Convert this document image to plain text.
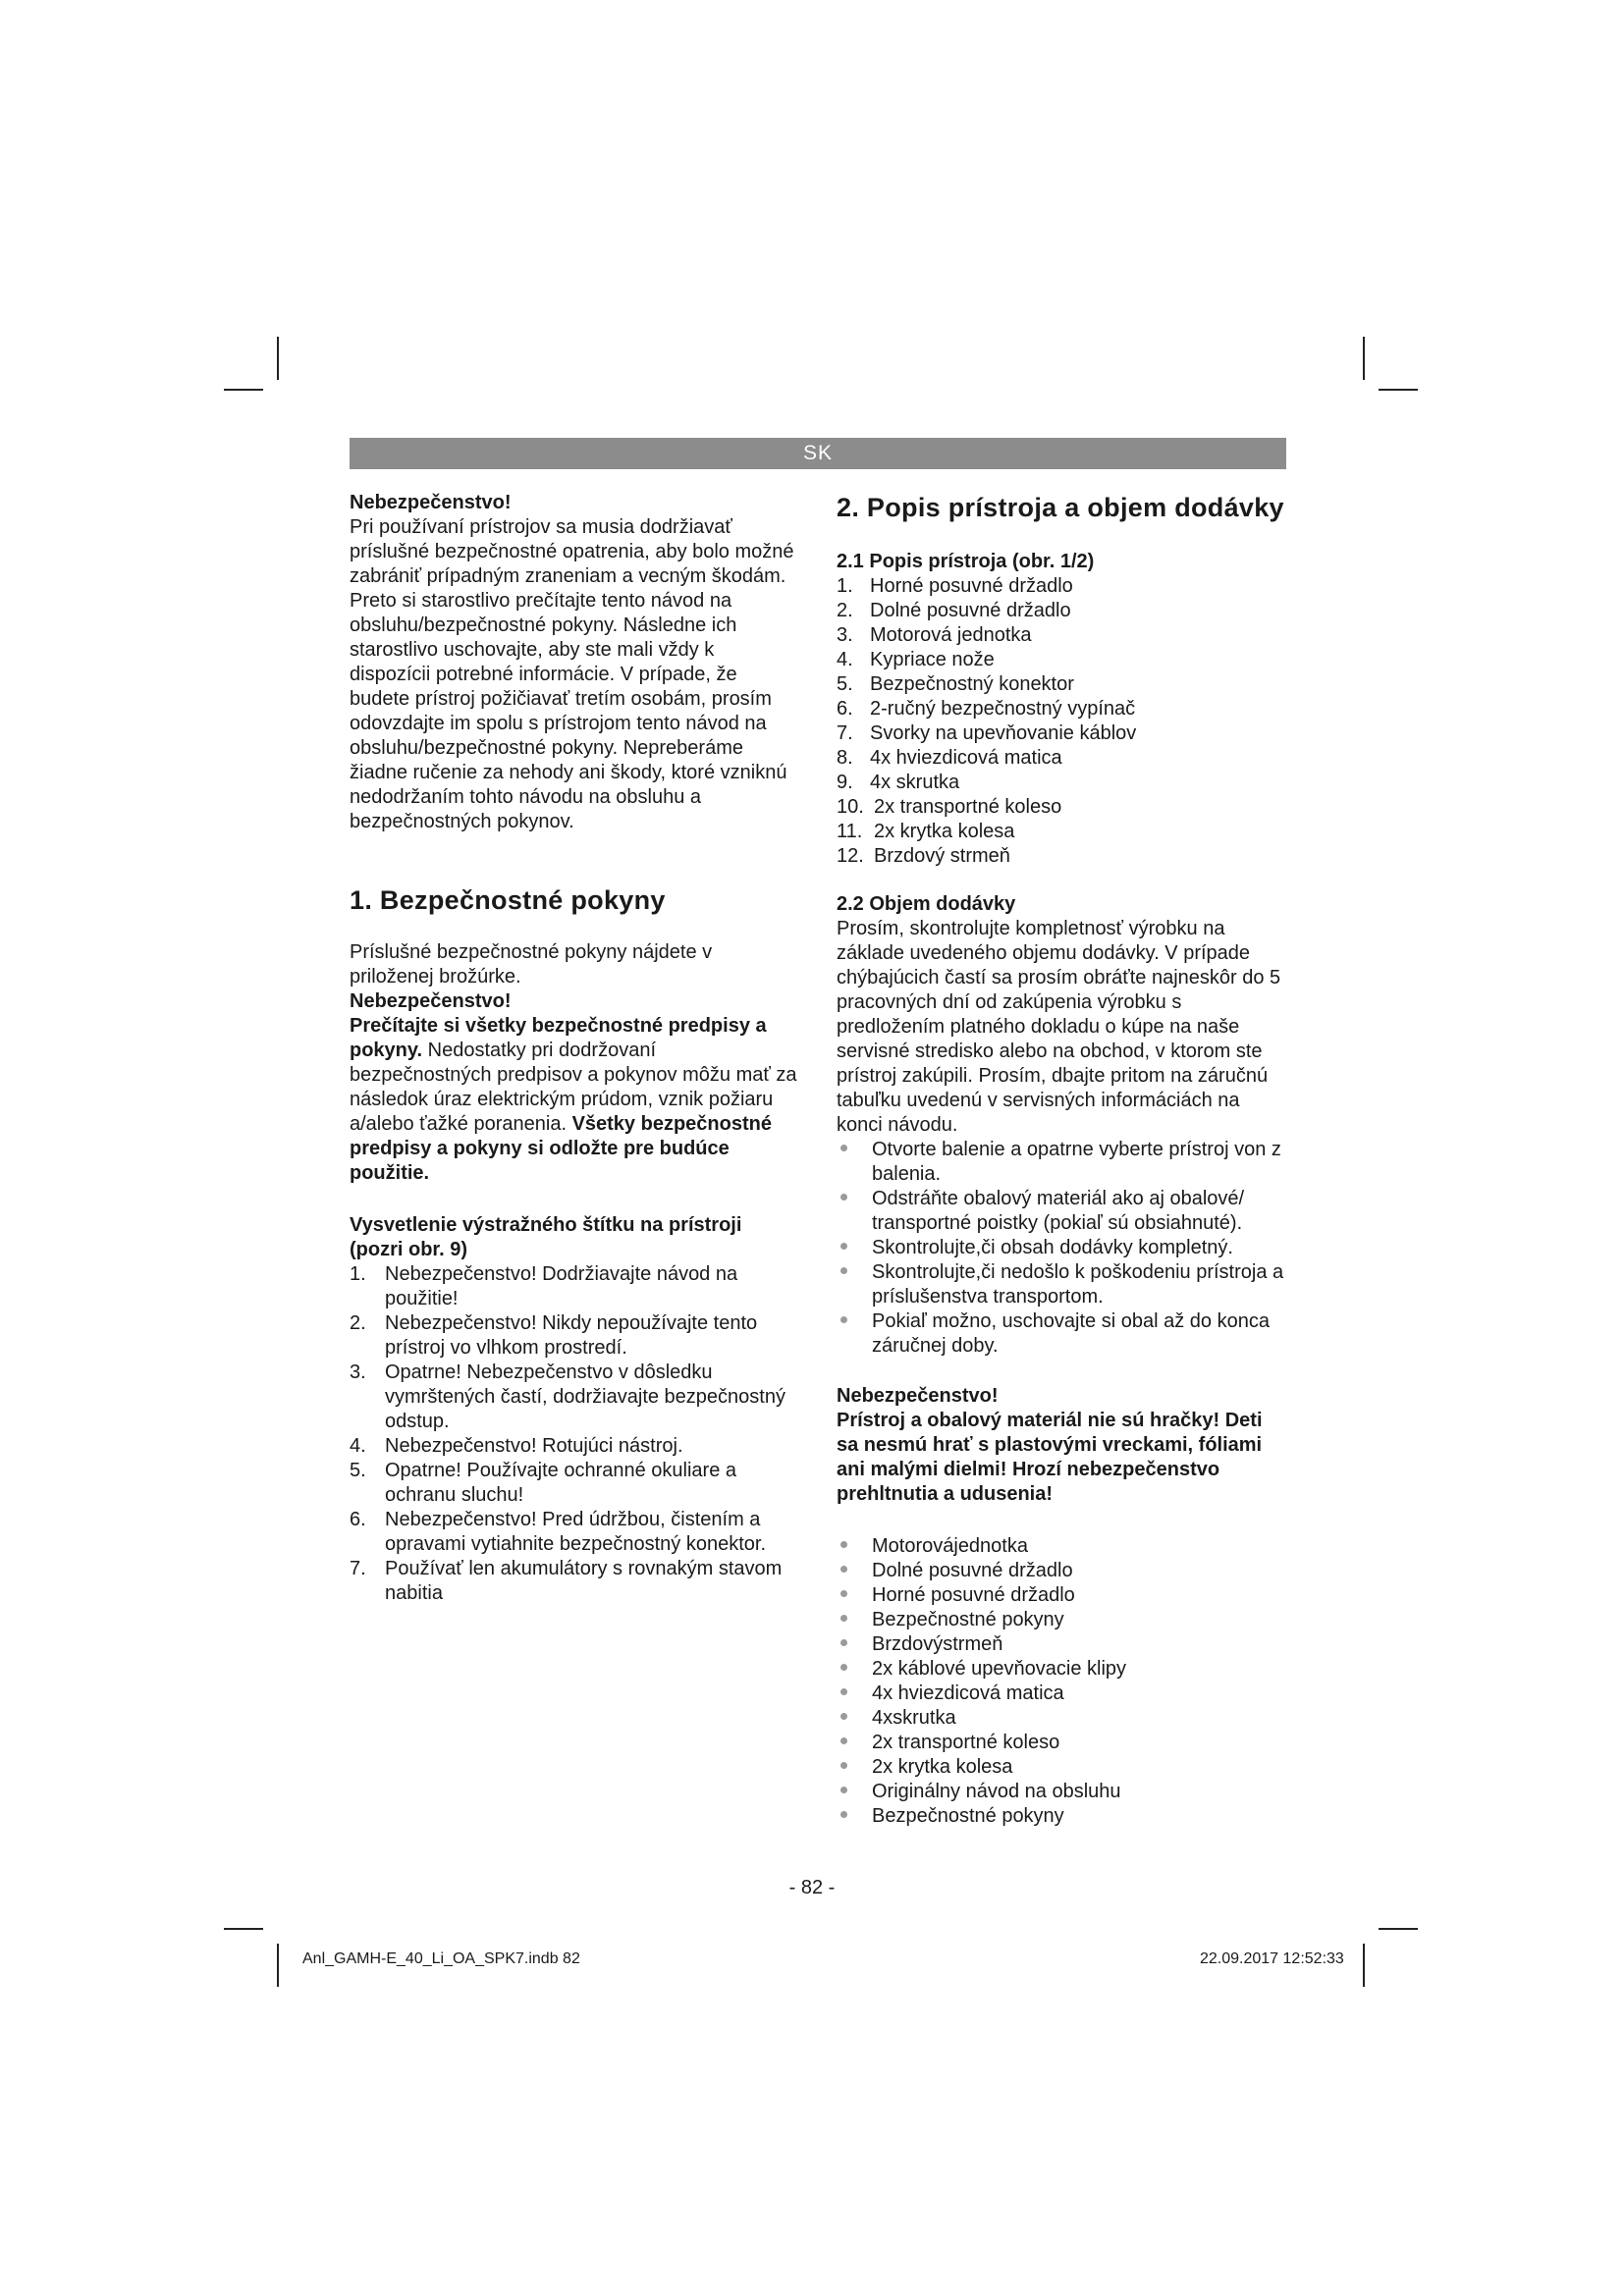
SK

Nebezpečenstvo!

Pri používaní prístrojov sa musia dodržiavať príslušné bezpečnostné opatrenia, aby bolo možné zabrániť prípadným zraneniam a vecným škodám. Preto si starostlivo prečítajte tento návod na obsluhu/bezpečnostné pokyny. Následne ich starostlivo uschovajte, aby ste mali vždy k dispozícii potrebné informácie. V prípade, že budete prístroj požičiavať tretím osobám, prosím odovzdajte im spolu s prístrojom tento návod na obsluhu/bezpečnostné pokyny. Nepreberáme žiadne ručenie za nehody ani škody, ktoré vzniknú nedodržaním tohto návodu na obsluhu a bezpečnostných pokynov.

1. Bezpečnostné pokyny

Príslušné bezpečnostné pokyny nájdete v priloženej brožúrke.

Nebezpečenstvo!

Prečítajte si všetky bezpečnostné predpisy a pokyny. Nedostatky pri dodržovaní bezpečnostných predpisov a pokynov môžu mať za následok úraz elektrickým prúdom, vznik požiaru a/alebo ťažké poranenia. Všetky bezpečnostné predpisy a pokyny si odložte pre budúce použitie.

Vysvetlenie výstražného štítku na prístroji (pozri obr. 9)
1. Nebezpečenstvo! Dodržiavajte návod na použitie!
2. Nebezpečenstvo! Nikdy nepoužívajte tento prístroj vo vlhkom prostredí.
3. Opatrne! Nebezpečenstvo v dôsledku vymrštených častí, dodržiavajte bezpečnostný odstup.
4. Nebezpečenstvo! Rotujúci nástroj.
5. Opatrne! Používajte ochranné okuliare a ochranu sluchu!
6. Nebezpečenstvo! Pred údržbou, čistením a opravami vytiahnite bezpečnostný konektor.
7. Používať len akumulátory s rovnakým stavom nabitia
2. Popis prístroja a objem dodávky
2.1 Popis prístroja (obr. 1/2)
1. Horné posuvné držadlo
2. Dolné posuvné držadlo
3. Motorová jednotka
4. Kypriace nože
5. Bezpečnostný konektor
6. 2-ručný bezpečnostný vypínač
7. Svorky na upevňovanie káblov
8. 4x hviezdicová matica
9. 4x skrutka
10. 2x transportné koleso
11. 2x krytka kolesa
12. Brzdový strmeň
2.2 Objem dodávky

Prosím, skontrolujte kompletnosť výrobku na základe uvedeného objemu dodávky. V prípade chýbajúcich častí sa prosím obráťte najneskôr do 5 pracovných dní od zakúpenia výrobku s predložením platného dokladu o kúpe na naše servisné stredisko alebo na obchod, v ktorom ste prístroj zakúpili. Prosím, dbajte pritom na záručnú tabuľku uvedenú v servisných informáciách na konci návodu.

Otvorte balenie a opatrne vyberte prístroj von z balenia.
Odstráňte obalový materiál ako aj obalové/ transportné poistky (pokiaľ sú obsiahnuté).
Skontrolujte,či obsah dodávky kompletný.
Skontrolujte,či nedošlo k poškodeniu prístroja a príslušenstva transportom.
Pokiaľ možno, uschovajte si obal až do konca záručnej doby.

Nebezpečenstvo!

Prístroj a obalový materiál nie sú hračky! Deti sa nesmú hrať s plastovými vreckami, fóliami ani malými dielmi! Hrozí nebezpečenstvo prehltnutia a udusenia!

Motorovájednotka
Dolné posuvné držadlo
Horné posuvné držadlo
Bezpečnostné pokyny
Brzdovýstrmeň
2x káblové upevňovacie klipy
4x hviezdicová matica
4xskrutka
2x transportné koleso
2x krytka kolesa
Originálny návod na obsluhu
Bezpečnostné pokyny
- 82 -
Anl_GAMH-E_40_Li_OA_SPK7.indb 82	22.09.2017 12:52:33
